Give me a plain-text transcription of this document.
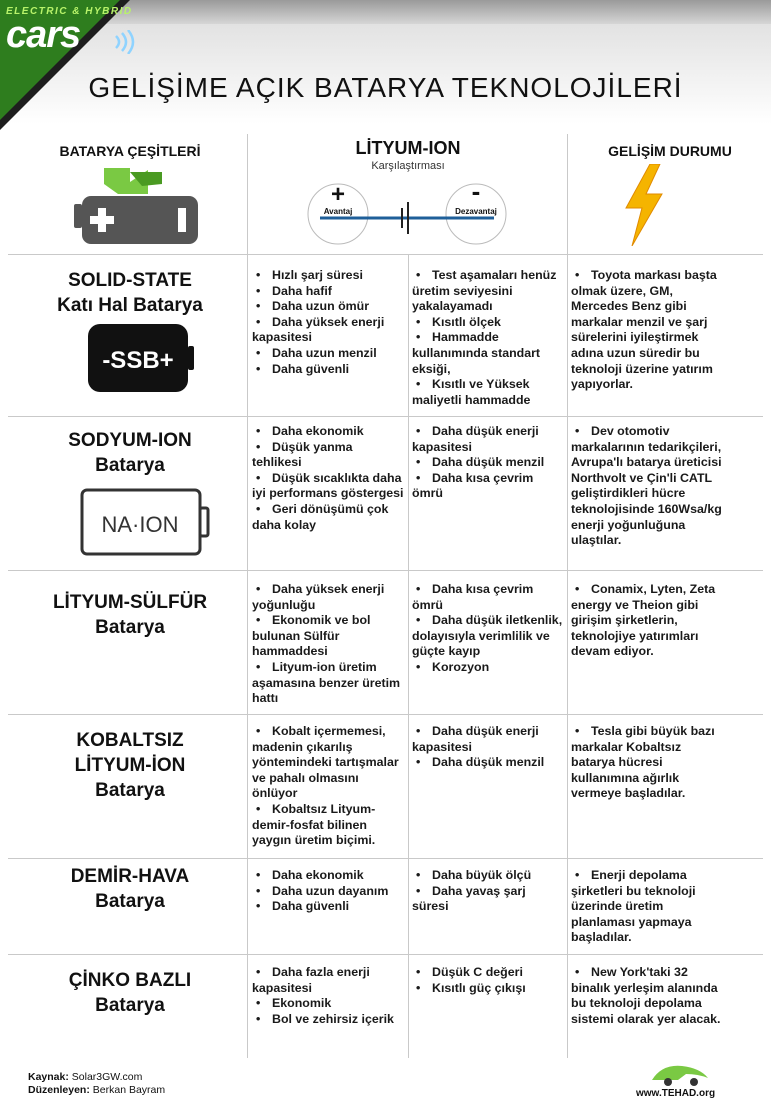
ELECTRIC & HYBRID
cars
GELİŞİME AÇIK BATARYA TEKNOLOJİLERİ
BATARYA ÇEŞİTLERİ	LİTYUM-ION
Karşılaştırması
GELİŞİM DURUMU
+
Avantaj
-
Dezavantaj
SOLID-STATE
Katı Hal Batarya
-SSB+
• Hızlı şarj süresi
• Daha hafif
• Daha uzun ömür
• Daha yüksek enerji kapasitesi
• Daha uzun menzil
• Daha güvenli
• Test aşamaları henüz üretim seviyesini yakalayamadı
• Kısıtlı ölçek
• Hammadde kullanımında standart eksiği,
• Kısıtlı ve Yüksek maliyetli hammadde
• Toyota markası başta olmak üzere, GM, Mercedes Benz gibi markalar menzil ve şarj sürelerini iyileştirmek adına uzun süredir bu teknoloji üzerine yatırım yapıyorlar.
SODYUM-ION
Batarya
NA·ION
• Daha ekonomik
• Düşük yanma tehlikesi
• Düşük sıcaklıkta daha iyi performans göstergesi
• Geri dönüşümü çok daha kolay
• Daha düşük enerji kapasitesi
• Daha düşük menzil
• Daha kısa çevrim ömrü
• Dev otomotiv markalarının tedarikçileri, Avrupa'lı batarya üreticisi Northvolt ve Çin'li CATL geliştirdikleri hücre teknolojisinde 160Wsa/kg enerji yoğunluğuna ulaştılar.
LİTYUM-SÜLFÜR
Batarya
• Daha yüksek enerji yoğunluğu
• Ekonomik ve bol bulunan Sülfür hammaddesi
• Lityum-ion üretim aşamasına benzer üretim hattı
• Daha kısa çevrim ömrü
• Daha düşük iletkenlik, dolayısıyla verimlilik ve güçte kayıp
• Korozyon
• Conamix, Lyten, Zeta energy ve Theion gibi girişim şirketlerin, teknolojiye yatırımları devam ediyor.
KOBALTSIZ
LİTYUM-İON
Batarya
• Kobalt içermemesi, madenin çıkarılış yöntemindeki tartışmalar ve pahalı olmasını önlüyor
• Kobaltsız Lityum-demir-fosfat bilinen yaygın üretim biçimi.
• Daha düşük enerji kapasitesi
• Daha düşük menzil
• Tesla gibi büyük bazı markalar Kobaltsız batarya hücresi kullanımına ağırlık vermeye başladılar.
DEMİR-HAVA
Batarya
• Daha ekonomik
• Daha uzun dayanım
• Daha güvenli
• Daha büyük ölçü
• Daha yavaş şarj süresi
• Enerji depolama şirketleri bu teknoloji üzerinde üretim planlaması yapmaya başladılar.
ÇİNKO BAZLI
Batarya
• Daha fazla enerji kapasitesi
• Ekonomik
• Bol ve zehirsiz içerik
• Düşük C değeri
• Kısıtlı güç çıkışı
• New York'taki 32 binalık yerleşim alanında bu teknoloji depolama sistemi olarak yer alacak.
Kaynak: Solar3GW.com
Düzenleyen: Berkan Bayram	www.TEHAD.org
